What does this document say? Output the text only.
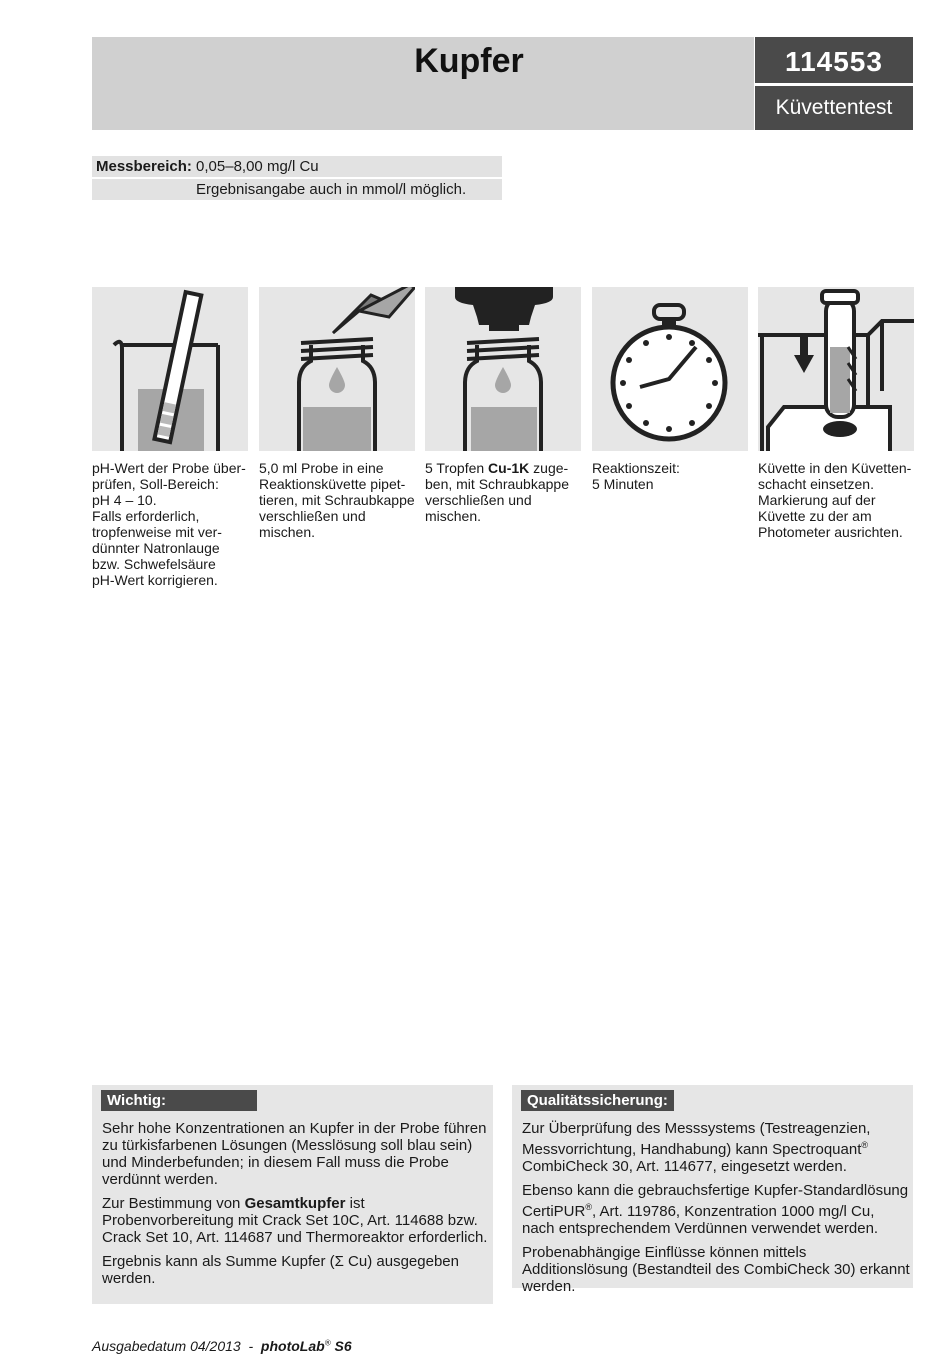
Kupfer	114553
Küvettentest
Messbereich: 0,05–8,00 mg/l Cu
Ergebnisangabe auch in mmol/l möglich.
pH-Wert der Probe über-
prüfen, Soll-Bereich:
pH 4 – 10.
Falls erforderlich,
tropfenweise mit ver-
dünnter Natronlauge
bzw. Schwefelsäure
pH-Wert korrigieren.
5,0 ml Probe in eine
Reaktionsküvette pipet-
tieren, mit Schraubkappe
verschließen und
mischen.
5 Tropfen Cu-1K zuge-
ben, mit Schraubkappe
verschließen und
mischen.
Reaktionszeit:
5 Minuten
Küvette in den Küvetten-
schacht einsetzen.
Markierung auf der
Küvette zu der am
Photometer ausrichten.
Wichtig:

Sehr hohe Konzentrationen an Kupfer in der Probe führen zu türkisfarbenen Lösungen (Messlösung soll blau sein) und Minderbefunden; in diesem Fall muss die Probe verdünnt werden.

Zur Bestimmung von Gesamtkupfer ist Probenvorbereitung mit Crack Set 10C, Art. 114688 bzw. Crack Set 10, Art. 114687 und Thermoreaktor erforderlich.

Ergebnis kann als Summe Kupfer (Σ Cu) ausgegeben werden.

Qualitätssicherung:

Zur Überprüfung des Messsystems (Testreagenzien, Messvorrichtung, Handhabung) kann Spectroquant® CombiCheck 30, Art. 114677, eingesetzt werden.

Ebenso kann die gebrauchsfertige Kupfer-Standardlösung CertiPUR®, Art. 119786, Konzentration 1000 mg/l Cu, nach entsprechendem Verdünnen verwendet werden.

Probenabhängige Einflüsse können mittels Additionslösung (Bestandteil des CombiCheck 30) erkannt werden.

Ausgabedatum 04/2013 - photoLab® S6
